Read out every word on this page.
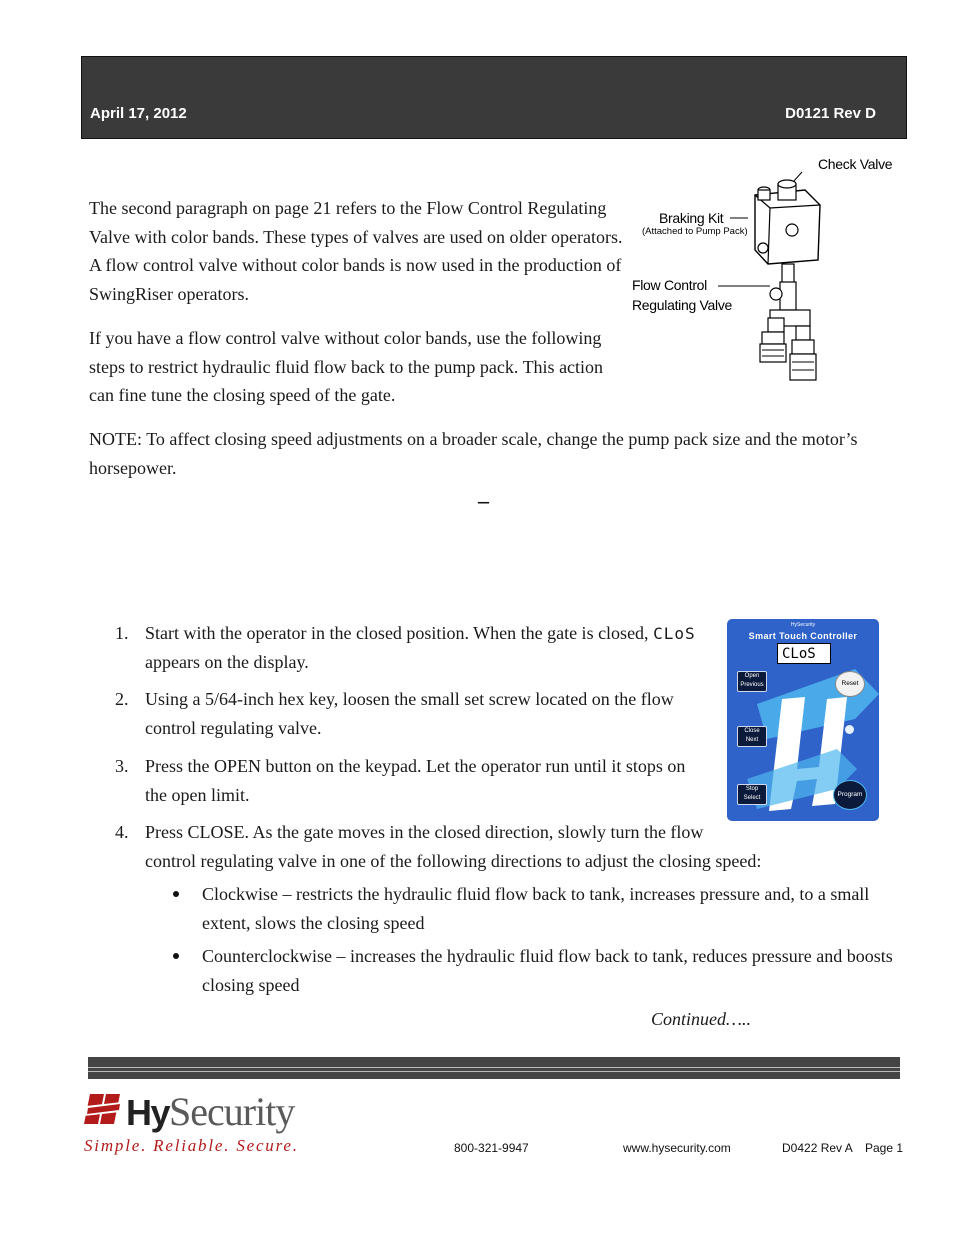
April 17, 2012	D0121 Rev D
The second paragraph on page 21 refers to the Flow Control Regulating Valve with color bands. These types of valves are used on older operators. A flow control valve without color bands is now used in the production of SwingRiser operators.
If you have a flow control valve without color bands, use the following steps to restrict hydraulic fluid flow back to the pump pack. This action can fine tune the closing speed of the gate.
NOTE: To affect closing speed adjustments on a broader scale, change the pump pack size and the motor’s horsepower.
–
Check Valve
Braking Kit
(Attached to Pump Pack)
Flow Control
Regulating Valve
1. Start with the operator in the closed position. When the gate is closed, CLoS
appears on the display.
2. Using a 5/64-inch hex key, loosen the small set screw located on the flow
control regulating valve.
3. Press the OPEN button on the keypad. Let the operator run until it stops on
the open limit.
4. Press CLOSE. As the gate moves in the closed direction, slowly turn the flow
control regulating valve in one of the following directions to adjust the closing speed:
Clockwise – restricts the hydraulic fluid flow back to tank, increases pressure and, to a small
extent, slows the closing speed
Counterclockwise – increases the hydraulic fluid flow back to tank, reduces pressure and boosts
closing speed
HySecurity
Smart Touch Controller
CLoS
Open
Previous
Close
Next
Stop
Select
Reset
Program
Continued…..
HySecurity
Simple. Reliable. Secure.	800-321-9947	www.hysecurity.com	D0422 Rev A Page 1
